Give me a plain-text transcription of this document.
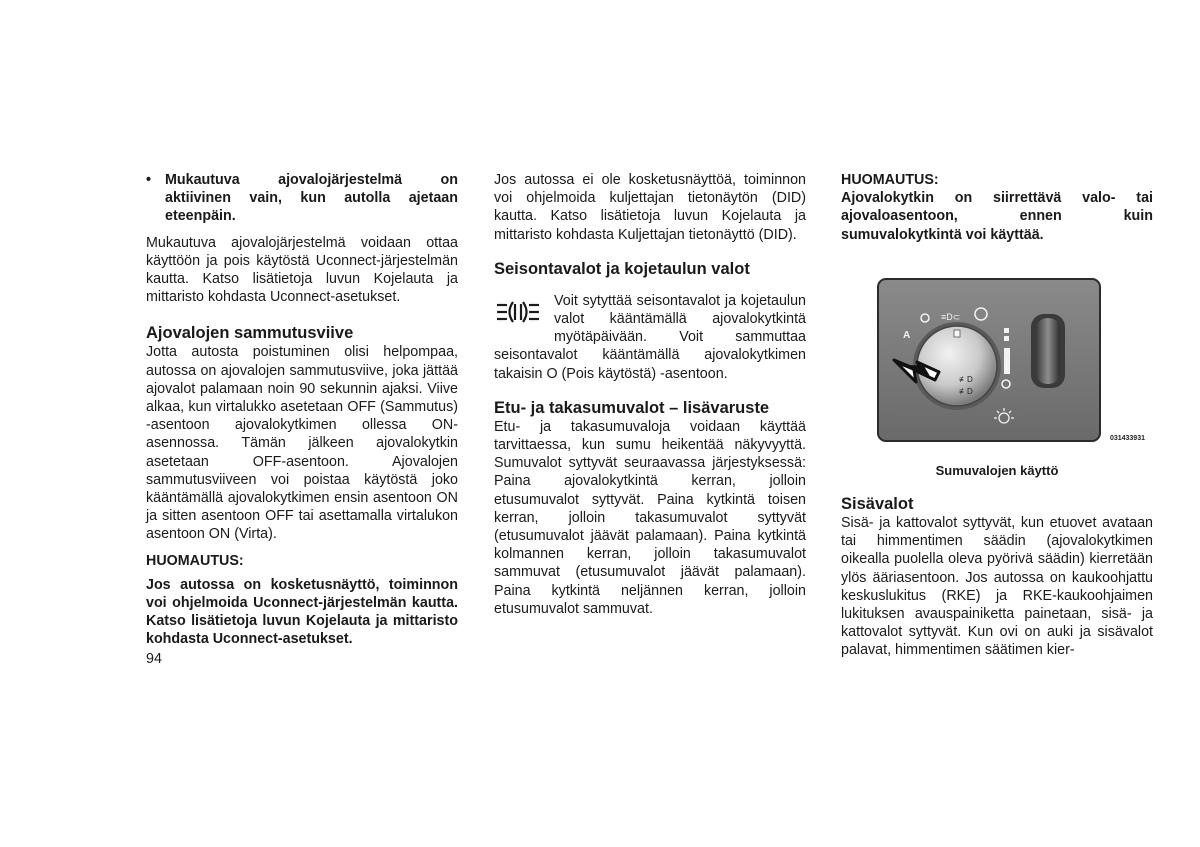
• Mukautuva ajovalojärjestelmä on aktiivinen vain, kun autolla ajetaan eteenpäin.

Mukautuva ajovalojärjestelmä voidaan ottaa käyttöön ja pois käytöstä Uconnect-järjestelmän kautta. Katso lisätietoja luvun Kojelauta ja mittaristo kohdasta Uconnect-asetukset.

Ajovalojen sammutusviive

Jotta autosta poistuminen olisi helpompaa, autossa on ajovalojen sammutusviive, joka jättää ajovalot palamaan noin 90 sekunnin ajaksi. Viive alkaa, kun virtalukko asetetaan OFF (Sammutus) -asentoon ajovalokytkimen ollessa ON-asennossa. Tämän jälkeen ajovalokytkin asetetaan OFF-asentoon. Ajovalojen sammutusviiveen voi poistaa käytöstä joko kääntämällä ajovalokytkimen ensin asentoon ON ja sitten asentoon OFF tai asettamalla virtalukon asentoon ON (Virta).

HUOMAUTUS:

Jos autossa on kosketusnäyttö, toiminnon voi ohjelmoida Uconnect-järjestelmän kautta. Katso lisätietoja luvun Kojelauta ja mittaristo kohdasta Uconnect-asetukset.

Jos autossa ei ole kosketusnäyttöä, toiminnon voi ohjelmoida kuljettajan tietonäytön (DID) kautta. Katso lisätietoja luvun Kojelauta ja mittaristo kohdasta Kuljettajan tietonäyttö (DID).

Seisontavalot ja kojetaulun valot

Voit sytyttää seisontavalot ja kojetaulun valot kääntämällä ajovalokytkintä myötäpäivään. Voit sammuttaa seisontavalot kääntämällä ajovalokytkimen takaisin O (Pois käytöstä) -asentoon.

Etu- ja takasumuvalot – lisävaruste

Etu- ja takasumuvaloja voidaan käyttää tarvittaessa, kun sumu heikentää näkyvyyttä. Sumuvalot syttyvät seuraavassa järjestyksessä: Paina ajovalokytkintä kerran, jolloin etusumuvalot syttyvät. Paina kytkintä toisen kerran, jolloin takasumuvalot syttyvät (etusumuvalot jäävät palamaan). Paina kytkintä kolmannen kerran, jolloin takasumuvalot sammuvat (etusumuvalot jäävät palamaan). Paina kytkintä neljännen kerran, jolloin etusumuvalot sammuvat.

HUOMAUTUS:

Ajovalokytkin on siirrettävä valo- tai ajovaloasentoon, ennen kuin sumuvalokytkintä voi käyttää.

A
≡D⊂
≢D
≢D
031433931

Sumuvalojen käyttö

Sisävalot

Sisä- ja kattovalot syttyvät, kun etuovet avataan tai himmentimen säädin (ajovalokytkimen oikealla puolella oleva pyörivä säädin) kierretään ylös ääriasentoon. Jos autossa on kaukoohjattu keskuslukitus (RKE) ja RKE-kaukoohjaimen lukituksen avauspainiketta painetaan, sisä- ja kattovalot syttyvät. Kun ovi on auki ja sisävalot palavat, himmentimen säätimen kier-

94
